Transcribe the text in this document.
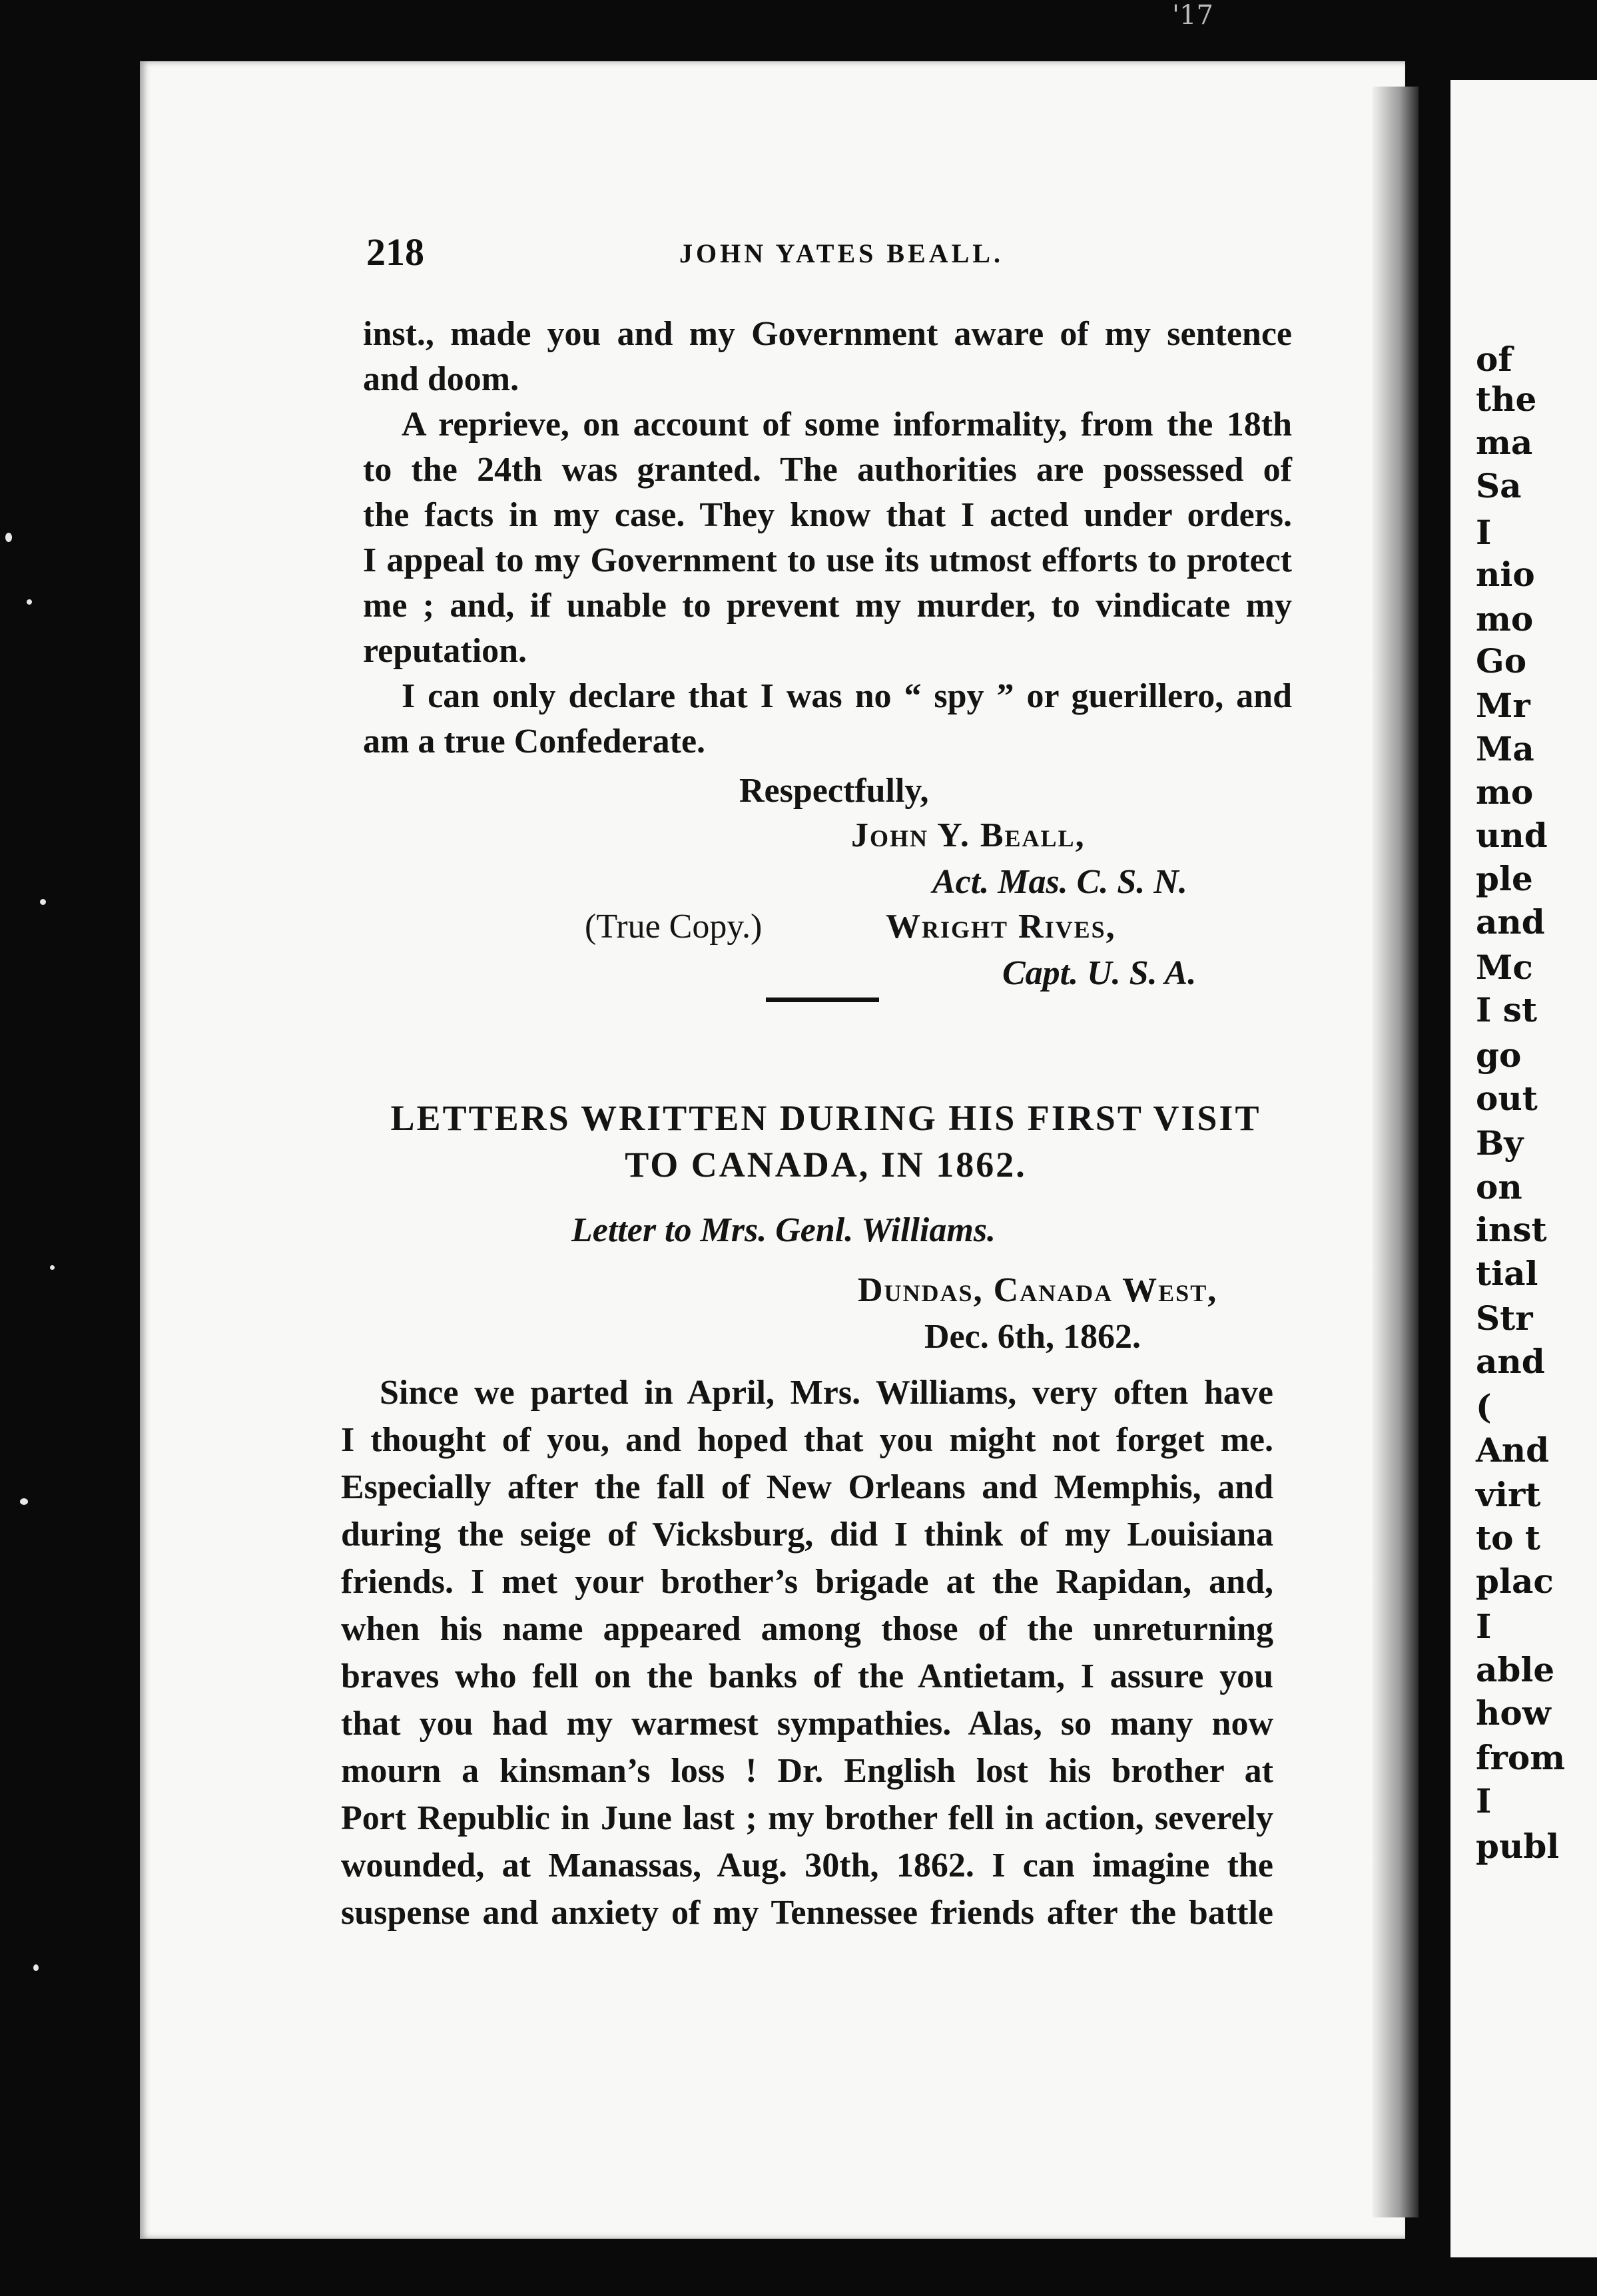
'17
of
the
ma
Sa
I
nio
mo
Go
Mr
Ma
mo
und
ple
and
Mc
I st
go
out
By
on
inst
tial
Str
and
(
And
virt
to t
plac
I
able
how
from
I
publ
218	JOHN YATES BEALL.
inst., made you and my Government aware of my sentence
and doom.
A reprieve, on account of some informality, from the 18th
to the 24th was granted. The authorities are possessed of
the facts in my case. They know that I acted under orders.
I appeal to my Government to use its utmost efforts to protect
me ; and, if unable to prevent my murder, to vindicate my
reputation.
I can only declare that I was no “ spy ” or guerillero, and
am a true Confederate.
Respectfully,
John Y. Beall,
Act. Mas. C. S. N.
(True Copy.)	Wright Rives,
Capt. U. S. A.
LETTERS WRITTEN DURING HIS FIRST VISIT
TO CANADA, IN 1862.
Letter to Mrs. Genl. Williams.
Dundas, Canada West,
Dec. 6th, 1862.
Since we parted in April, Mrs. Williams, very often have
I thought of you, and hoped that you might not forget me.
Especially after the fall of New Orleans and Memphis, and
during the seige of Vicksburg, did I think of my Louisiana
friends. I met your brother’s brigade at the Rapidan, and,
when his name appeared among those of the unreturning
braves who fell on the banks of the Antietam, I assure you
that you had my warmest sympathies. Alas, so many now
mourn a kinsman’s loss ! Dr. English lost his brother at
Port Republic in June last ; my brother fell in action, severely
wounded, at Manassas, Aug. 30th, 1862. I can imagine the
suspense and anxiety of my Tennessee friends after the battle
